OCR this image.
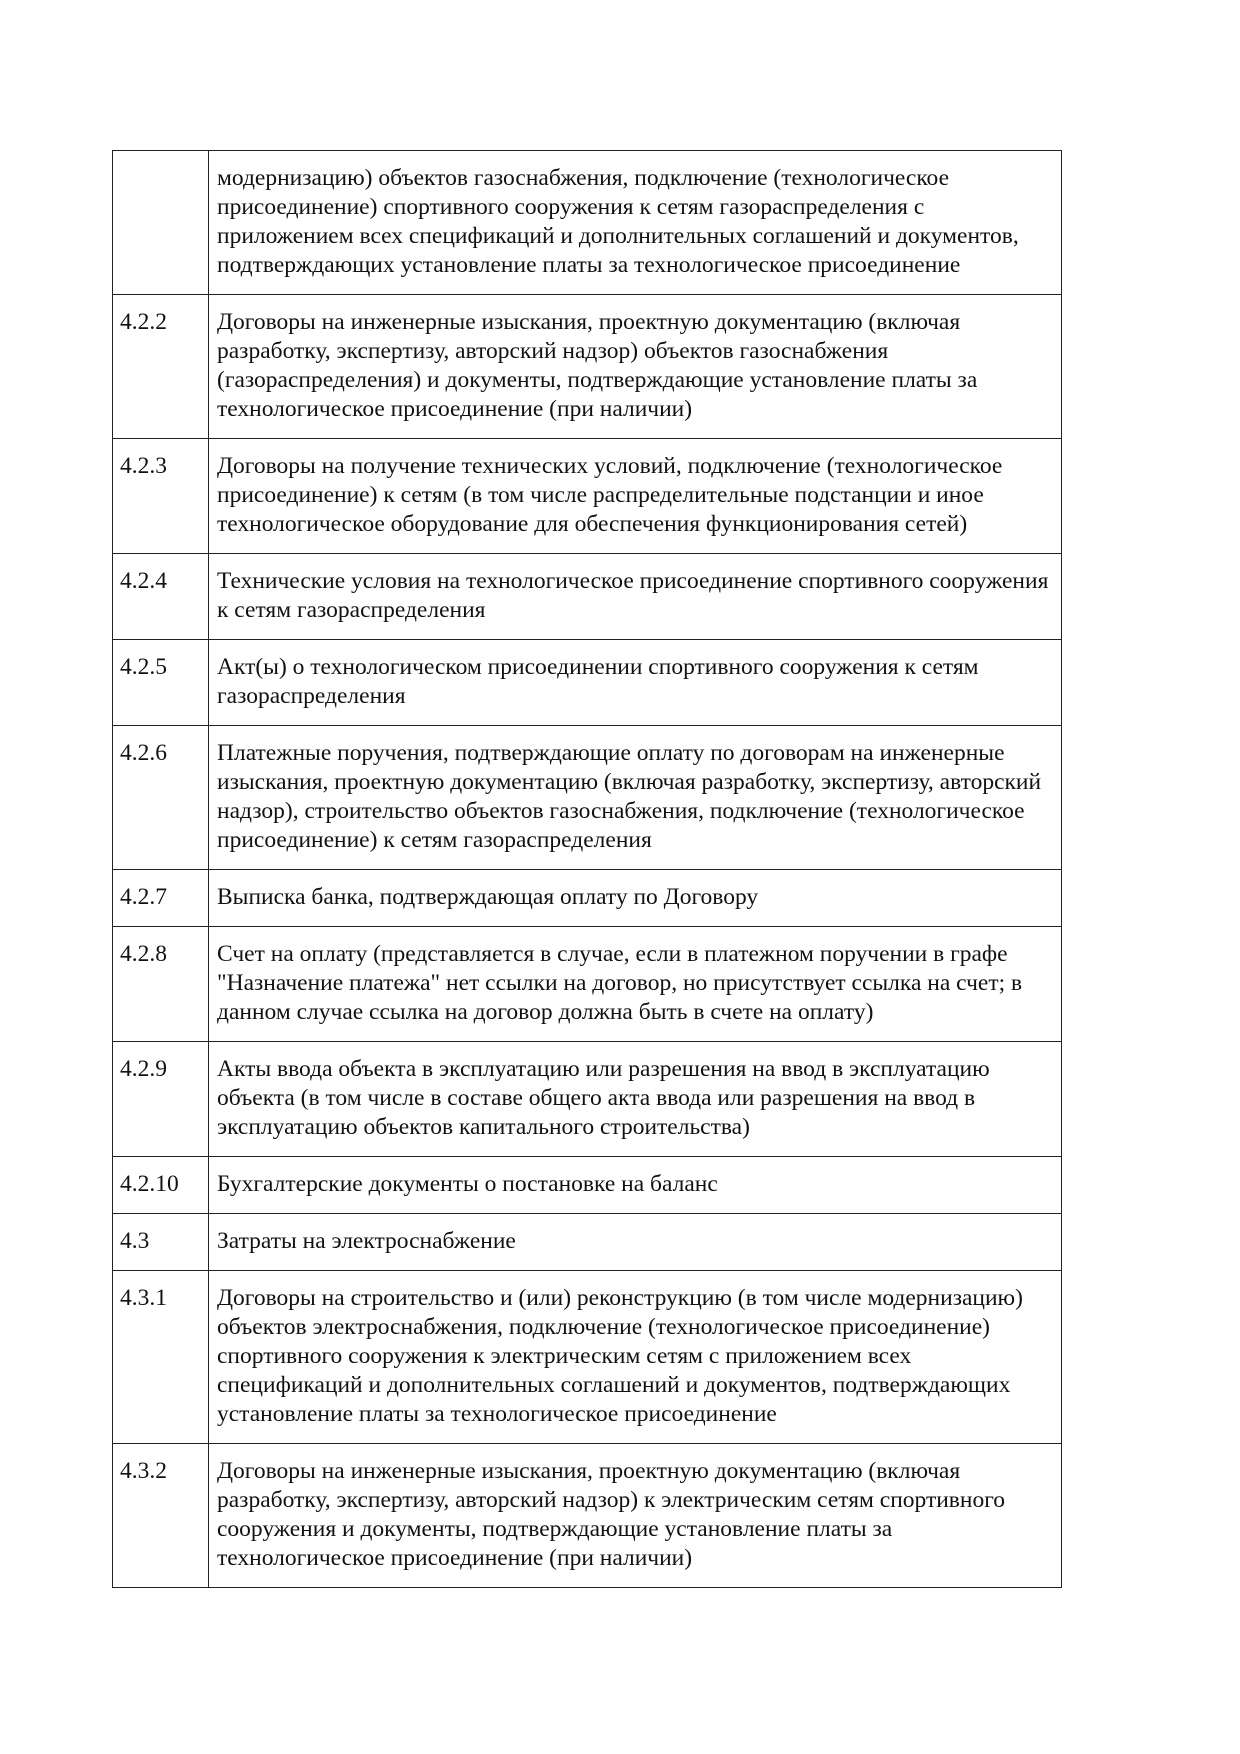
	модернизацию) объектов газоснабжения, подключение (технологическое присоединение) спортивного сооружения к сетям газораспределения с приложением всех спецификаций и дополнительных соглашений и документов, подтверждающих установление платы за технологическое присоединение
4.2.2	Договоры на инженерные изыскания, проектную документацию (включая разработку, экспертизу, авторский надзор) объектов газоснабжения (газораспределения) и документы, подтверждающие установление платы за технологическое присоединение (при наличии)
4.2.3	Договоры на получение технических условий, подключение (технологическое присоединение) к сетям (в том числе распределительные подстанции и иное технологическое оборудование для обеспечения функционирования сетей)
4.2.4	Технические условия на технологическое присоединение спортивного сооружения к сетям газораспределения
4.2.5	Акт(ы) о технологическом присоединении спортивного сооружения к сетям газораспределения
4.2.6	Платежные поручения, подтверждающие оплату по договорам на инженерные изыскания, проектную документацию (включая разработку, экспертизу, авторский надзор), строительство объектов газоснабжения, подключение (технологическое присоединение) к сетям газораспределения
4.2.7	Выписка банка, подтверждающая оплату по Договору
4.2.8	Счет на оплату (представляется в случае, если в платежном поручении в графе "Назначение платежа" нет ссылки на договор, но присутствует ссылка на счет; в данном случае ссылка на договор должна быть в счете на оплату)
4.2.9	Акты ввода объекта в эксплуатацию или разрешения на ввод в эксплуатацию объекта (в том числе в составе общего акта ввода или разрешения на ввод в эксплуатацию объектов капитального строительства)
4.2.10	Бухгалтерские документы о постановке на баланс
4.3	Затраты на электроснабжение
4.3.1	Договоры на строительство и (или) реконструкцию (в том числе модернизацию) объектов электроснабжения, подключение (технологическое присоединение) спортивного сооружения к электрическим сетям с приложением всех спецификаций и дополнительных соглашений и документов, подтверждающих установление платы за технологическое присоединение
4.3.2	Договоры на инженерные изыскания, проектную документацию (включая разработку, экспертизу, авторский надзор) к электрическим сетям спортивного сооружения и документы, подтверждающие установление платы за технологическое присоединение (при наличии)
